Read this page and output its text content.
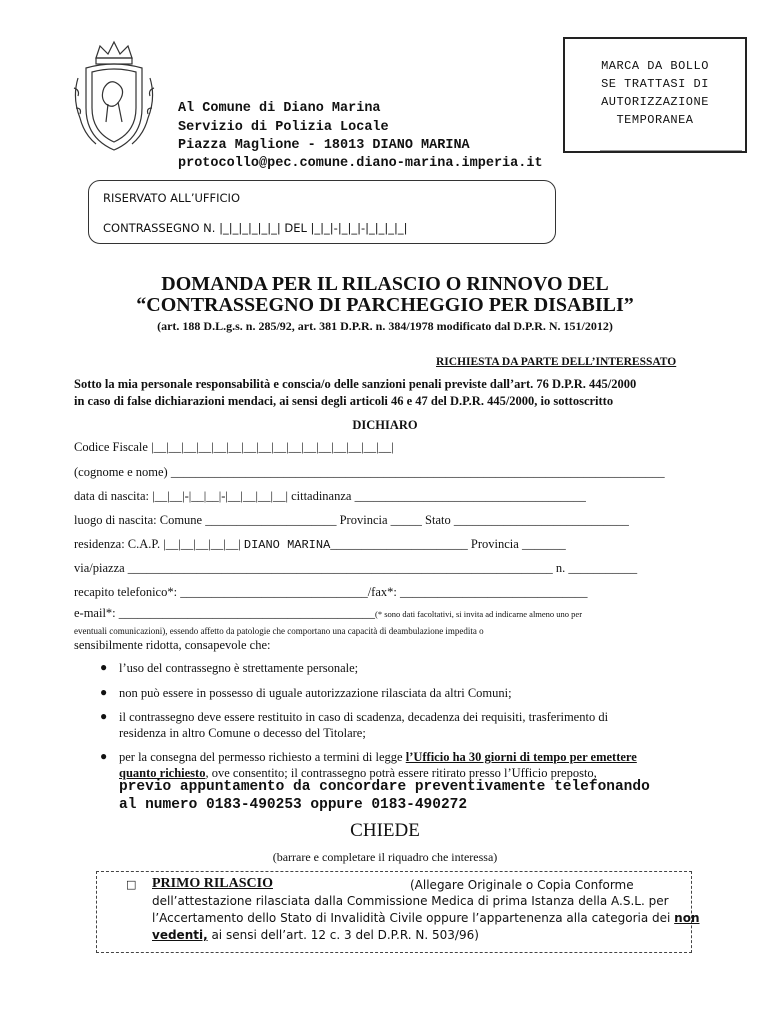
Al Comune di Diano Marina
Servizio di Polizia Locale
Piazza Maglione - 18013 DIANO MARINA
protocollo@pec.comune.diano-marina.imperia.it
MARCA DA BOLLO
SE TRATTASI DI
AUTORIZZAZIONE
TEMPORANEA
RISERVATO ALL’UFFICIO
CONTRASSEGNO N. |_|_|_|_|_|_| DEL |_|_|-|_|_|-|_|_|_|_|
DOMANDA PER IL RILASCIO O RINNOVO DEL
“CONTRASSEGNO DI PARCHEGGIO PER DISABILI”
(art. 188 D.L.g.s. n. 285/92, art. 381 D.P.R. n. 384/1978 modificato dal D.P.R. N. 151/2012)
RICHIESTA DA PARTE DELL’INTERESSATO
Sotto la mia personale responsabilità e conscia/o delle sanzioni penali previste dall’art. 76 D.P.R. 445/2000
in caso di false dichiarazioni mendaci, ai sensi degli articoli 46 e 47 del D.P.R. 445/2000, io sottoscritto
DICHIARO
Codice Fiscale |__|__|__|__|__|__|__|__|__|__|__|__|__|__|__|__|
(cognome e nome) _______________________________________________________________________________
data di nascita: |__|__|-|__|__|-|__|__|__|__| cittadinanza _____________________________________
luogo di nascita: Comune _____________________ Provincia _____ Stato ____________________________
residenza: C.A.P. |__|__|__|__|__| DIANO MARINA______________________ Provincia _______
via/piazza ____________________________________________________________________ n. ___________
recapito telefonico*: ______________________________/fax*: ______________________________
e-mail*: _________________________________________(* sono dati facoltativi, si invita ad indicarne almeno uno per
eventuali comunicazioni), essendo affetto da patologie che comportano una capacità di deambulazione impedita o
sensibilmente ridotta, consapevole che:
● l’uso del contrassegno è strettamente personale;
● non può essere in possesso di uguale autorizzazione rilasciata da altri Comuni;
● il contrassegno deve essere restituito in caso di scadenza, decadenza dei requisiti, trasferimento di
residenza in altro Comune o decesso del Titolare;
● per la consegna del permesso richiesto a termini di legge l’Ufficio ha 30 giorni di tempo per emettere
quanto richiesto, ove consentito; il contrassegno potrà essere ritirato presso l’Ufficio preposto,
previo appuntamento da concordare preventivamente telefonando
al numero 0183-490253 oppure 0183-490272
CHIEDE
(barrare e completare il riquadro che interessa)
□ PRIMO RILASCIO	(Allegare Originale o Copia Conforme
dell’attestazione rilasciata dalla Commissione Medica di prima Istanza della A.S.L. per
l’Accertamento dello Stato di Invalidità Civile oppure l’appartenenza alla categoria dei non
vedenti, ai sensi dell’art. 12 c. 3 del D.P.R. N. 503/96)
